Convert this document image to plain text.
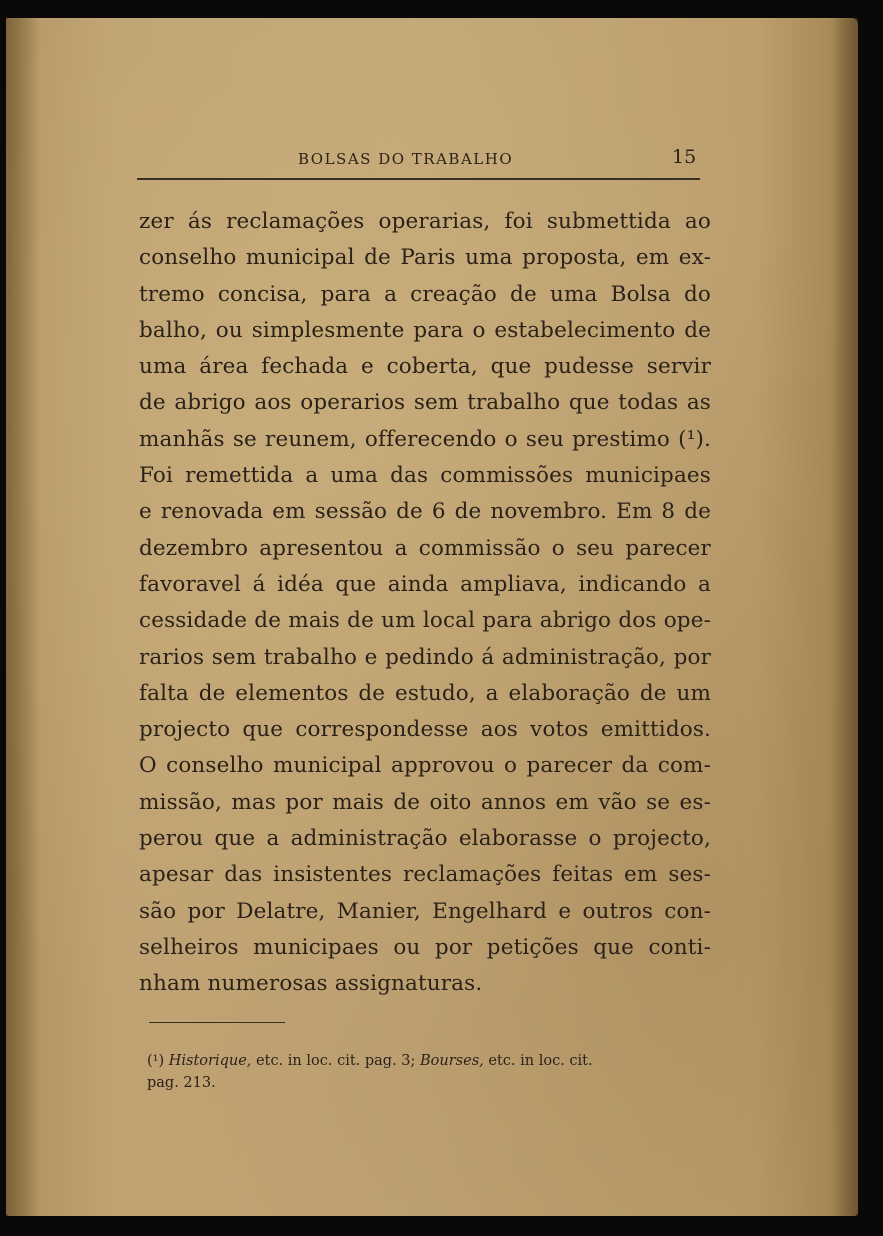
BOLSAS DO TRABALHO	15
zer ás reclamações operarias, foi submettida ao
conselho municipal de Paris uma proposta, em ex-
tremo concisa, para a creação de uma Bolsa do
balho, ou simplesmente para o estabelecimento de
uma área fechada e coberta, que pudesse servir
de abrigo aos operarios sem trabalho que todas as
manhãs se reunem, offerecendo o seu prestimo (¹).
Foi remettida a uma das commissões municipaes
e renovada em sessão de 6 de novembro. Em 8 de
dezembro apresentou a commissão o seu parecer
favoravel á idéa que ainda ampliava, indicando a
cessidade de mais de um local para abrigo dos ope-
rarios sem trabalho e pedindo á administração, por
falta de elementos de estudo, a elaboração de um
projecto que correspondesse aos votos emittidos.
O conselho municipal approvou o parecer da com-
missão, mas por mais de oito annos em vão se es-
perou que a administração elaborasse o projecto,
apesar das insistentes reclamações feitas em ses-
são por Delatre, Manier, Engelhard e outros con-
selheiros municipaes ou por petições que conti-
nham numerosas assignaturas.
(¹) Historique, etc. in loc. cit. pag. 3; Bourses, etc. in loc. cit.
pag. 213.
